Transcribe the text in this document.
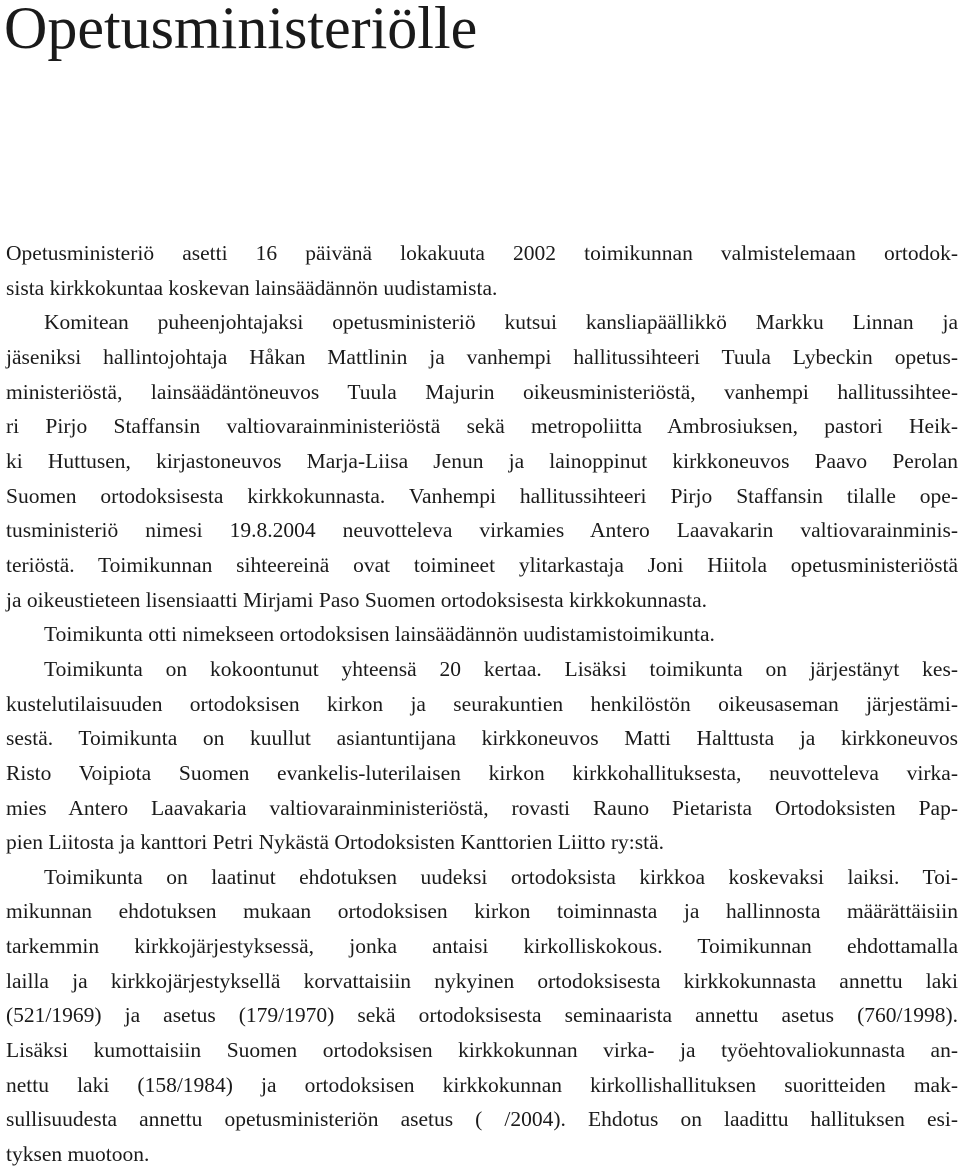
Opetusministeriölle
Opetusministeriö asetti 16 päivänä lokakuuta 2002 toimikunnan valmistelemaan ortodok-
sista kirkkokuntaa koskevan lainsäädännön uudistamista.
Komitean puheenjohtajaksi opetusministeriö kutsui kansliapäällikkö Markku Linnan ja
jäseniksi hallintojohtaja Håkan Mattlinin ja vanhempi hallitussihteeri Tuula Lybeckin opetus-
ministeriöstä, lainsäädäntöneuvos Tuula Majurin oikeusministeriöstä, vanhempi hallitussihtee-
ri Pirjo Staffansin valtiovarainministeriöstä sekä metropoliitta Ambrosiuksen, pastori Heik-
ki Huttusen, kirjastoneuvos Marja-Liisa Jenun ja lainoppinut kirkkoneuvos Paavo Perolan
Suomen ortodoksisesta kirkkokunnasta. Vanhempi hallitussihteeri Pirjo Staffansin tilalle ope-
tusministeriö nimesi 19.8.2004 neuvotteleva virkamies Antero Laavakarin valtiovarainminis-
teriöstä. Toimikunnan sihteereinä ovat toimineet ylitarkastaja Joni Hiitola opetusministeriöstä
ja oikeustieteen lisensiaatti Mirjami Paso Suomen ortodoksisesta kirkkokunnasta.
Toimikunta otti nimekseen ortodoksisen lainsäädännön uudistamistoimikunta.
Toimikunta on kokoontunut yhteensä 20 kertaa. Lisäksi toimikunta on järjestänyt kes-
kustelutilaisuuden ortodoksisen kirkon ja seurakuntien henkilöstön oikeusaseman järjestämi-
sestä. Toimikunta on kuullut asiantuntijana kirkkoneuvos Matti Halttusta ja kirkkoneuvos
Risto Voipiota Suomen evankelis-luterilaisen kirkon kirkkohallituksesta, neuvotteleva virka-
mies Antero Laavakaria valtiovarainministeriöstä, rovasti Rauno Pietarista Ortodoksisten Pap-
pien Liitosta ja kanttori Petri Nykästä Ortodoksisten Kanttorien Liitto ry:stä.
Toimikunta on laatinut ehdotuksen uudeksi ortodoksista kirkkoa koskevaksi laiksi. Toi-
mikunnan ehdotuksen mukaan ortodoksisen kirkon toiminnasta ja hallinnosta määrättäisiin
tarkemmin kirkkojärjestyksessä, jonka antaisi kirkolliskokous. Toimikunnan ehdottamalla
lailla ja kirkkojärjestyksellä korvattaisiin nykyinen ortodoksisesta kirkkokunnasta annettu laki
(521/1969) ja asetus (179/1970) sekä ortodoksisesta seminaarista annettu asetus (760/1998).
Lisäksi kumottaisiin Suomen ortodoksisen kirkkokunnan virka- ja työehtovaliokunnasta an-
nettu laki (158/1984) ja ortodoksisen kirkkokunnan kirkollishallituksen suoritteiden mak-
sullisuudesta annettu opetusministeriön asetus ( /2004). Ehdotus on laadittu hallituksen esi-
tyksen muotoon.
